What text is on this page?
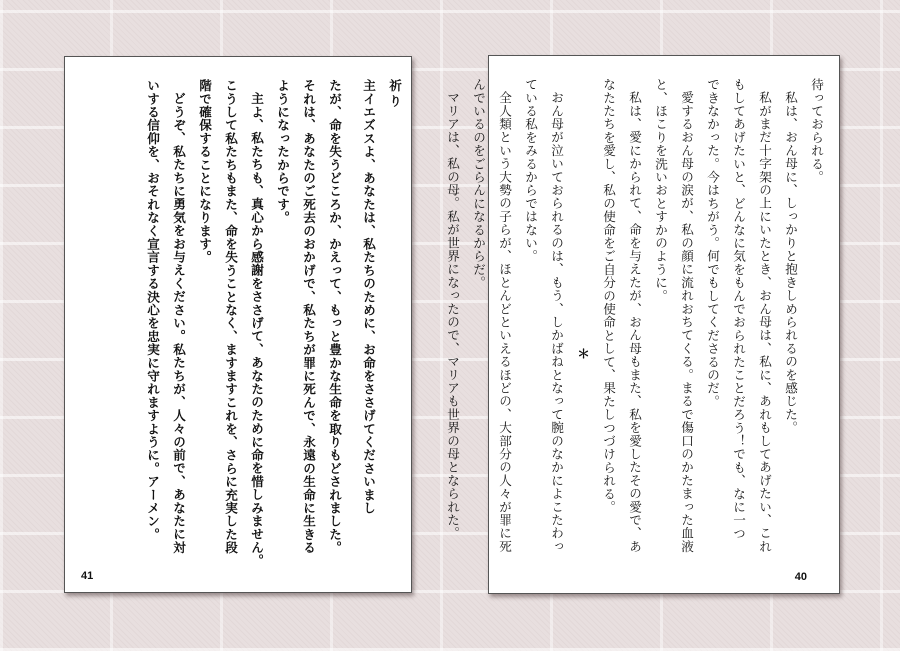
祈り

主イエズスよ、あなたは、私たちのために、お命をささげてくださいまし

たが、命を失うどころか、かえって、もっと豊かな生命を取りもどされました。

それは、あなたのご死去のおかげで、私たちが罪に死んで、永遠の生命に生きる

ようになったからです。

主よ、私たちも、真心から感謝をささげて、あなたのために命を惜しみません。

こうして私たちもまた、命を失うことなく、ますますこれを、さらに充実した段

階で確保することになります。

どうぞ、私たちに勇気をお与えください。私たちが、人々の前で、あなたに対

いする信仰を、おそれなく宣言する決心を忠実に守れますように。アーメン。

41

待っておられる。

私は、おん母に、しっかりと抱きしめられるのを感じた。

私がまだ十字架の上にいたとき、おん母は、私に、あれもしてあげたい、これ

もしてあげたいと、どんなに気をもんでおられたことだろう！でも、なに一つ

できなかった。今はちがう。何でもしてくださるのだ。

愛するおん母の涙が、私の顔に流れおちてくる。まるで傷口のかたまった血液

と、ほこりを洗いおとすかのように。

私は、愛にかられて、命を与えたが、おん母もまた、私を愛したその愛で、あ

なたたちを愛し、私の使命をご自分の使命として、果たしつづけられる。

＊

おん母が泣いておられるのは、もう、しかばねとなって腕のなかによこたわっ

ている私をみるからではない。

全人類という大勢の子らが、ほとんどといえるほどの、大部分の人々が罪に死

んでいるのをごらんになるからだ。

マリアは、私の母。私が世界になったので、マリアも世界の母となられた。

40
